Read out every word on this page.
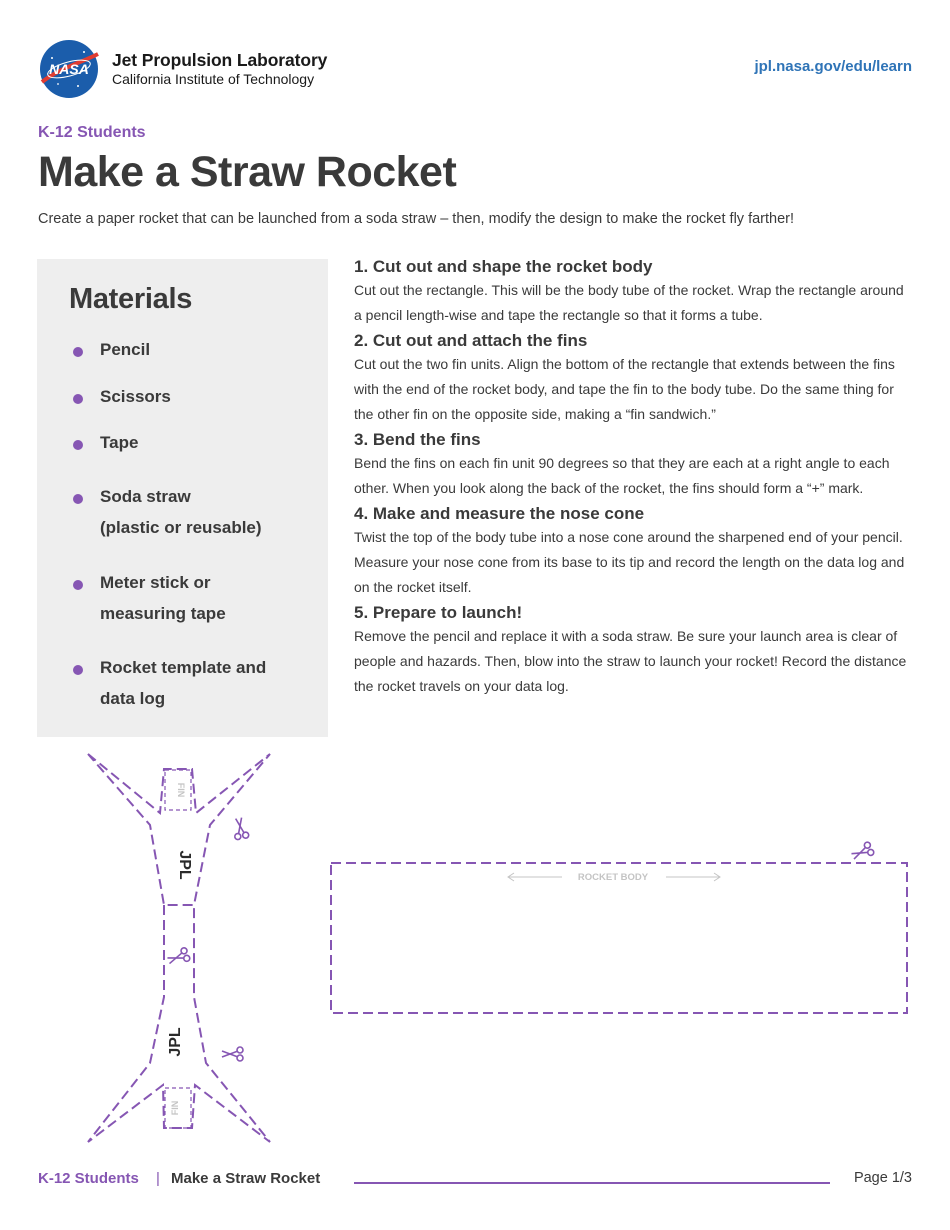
NASA Jet Propulsion Laboratory
California Institute of Technology
jpl.nasa.gov/edu/learn
K-12 Students
Make a Straw Rocket

Create a paper rocket that can be launched from a soda straw – then, modify the design to make the rocket fly farther!

Materials
Pencil
Scissors
Tape
Soda straw
(plastic or reusable)
Meter stick or
measuring tape
Rocket template and
data log
1. Cut out and shape the rocket body
Cut out the rectangle. This will be the body tube of the rocket. Wrap the rectangle around a pencil length-wise and tape the rectangle so that it forms a tube.
2. Cut out and attach the fins
Cut out the two fin units. Align the bottom of the rectangle that extends between the fins with the end of the rocket body, and tape the fin to the body tube. Do the same thing for the other fin on the opposite side, making a “fin sandwich.”
3. Bend the fins
Bend the fins on each fin unit 90 degrees so that they are each at a right angle to each other. When you look along the back of the rocket, the fins should form a “+” mark.
4. Make and measure the nose cone
Twist the top of the body tube into a nose cone around the sharpened end of your pencil. Measure your nose cone from its base to its tip and record the length on the data log and on the rocket itself.
5. Prepare to launch!
Remove the pencil and replace it with a soda straw. Be sure your launch area is clear of people and hazards. Then, blow into the straw to launch your rocket! Record the distance the rocket travels on your data log.
FIN
FIN
JPL
JPL
ROCKET BODY
K-12 Students | Make a Straw Rocket	Page 1/3
